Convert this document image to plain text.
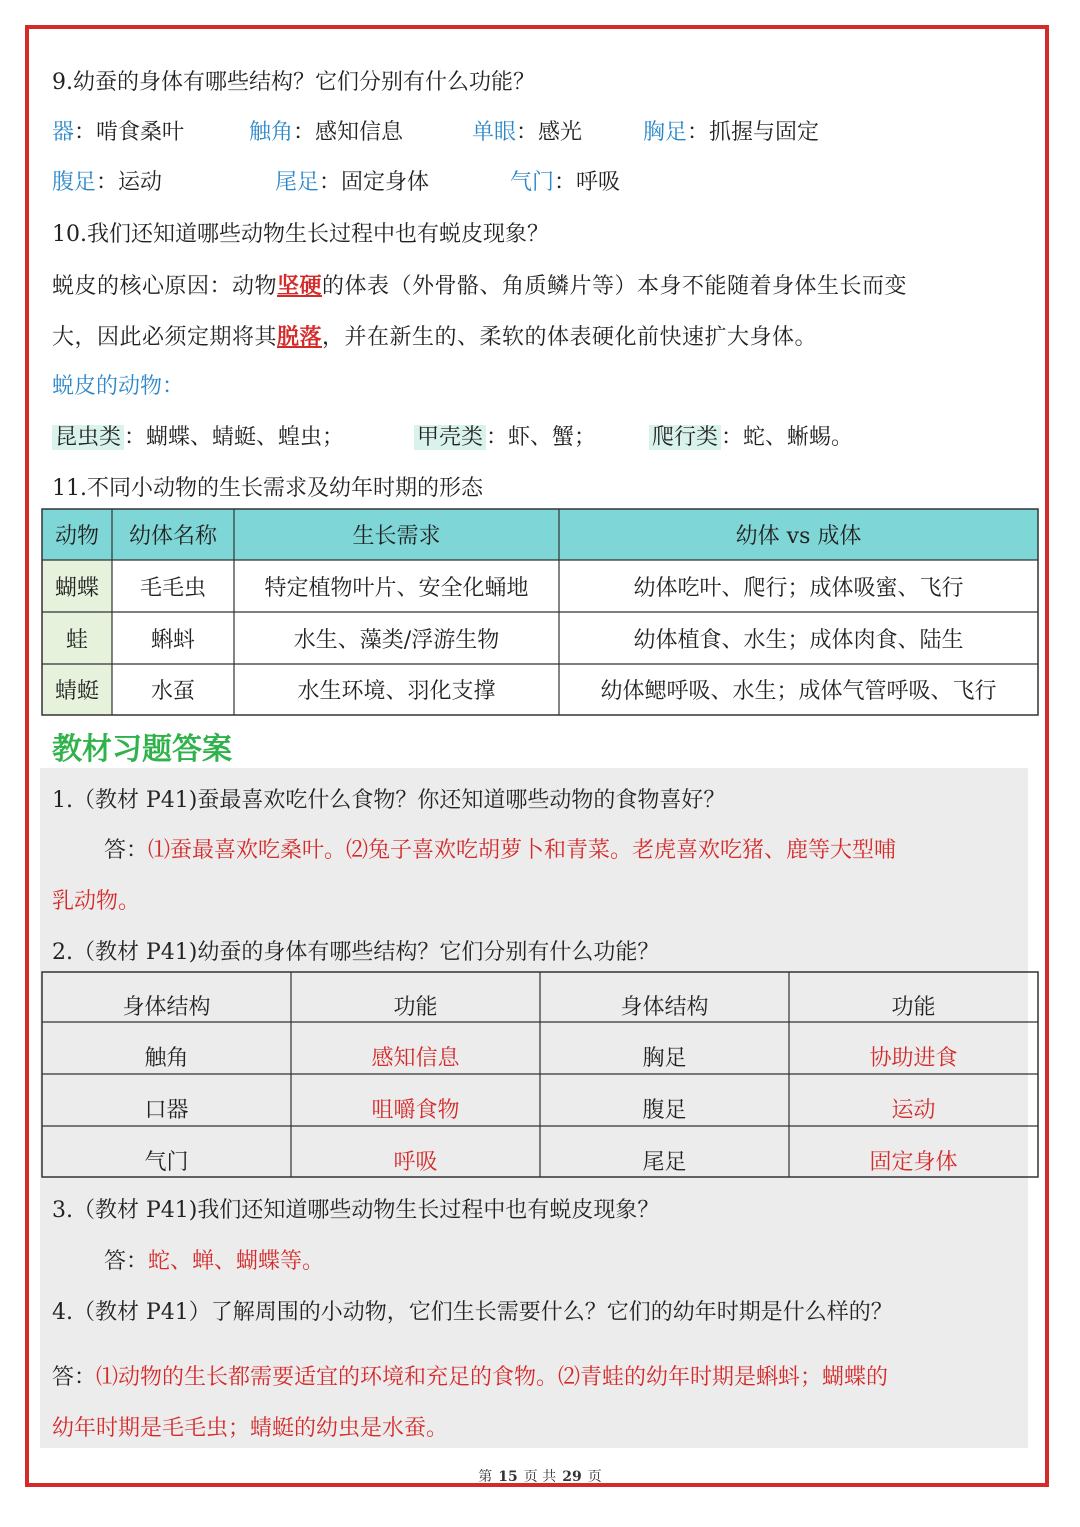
9.幼蚕的身体有哪些结构？它们分别有什么功能？
器：啃食桑叶	触角：感知信息	单眼：感光	胸足：抓握与固定
腹足：运动	尾足：固定身体	气门：呼吸
10.我们还知道哪些动物生长过程中也有蜕皮现象？
蜕皮的核心原因：动物坚硬的体表（外骨骼、角质鳞片等）本身不能随着身体生长而变
大，因此必须定期将其脱落，并在新生的、柔软的体表硬化前快速扩大身体。
蜕皮的动物：
昆虫类 ：蝴蝶、蜻蜓、蝗虫；	甲壳类 ：虾、蟹；	爬行类 ：蛇、蜥蜴。
11.不同小动物的生长需求及幼年时期的形态
动物	幼体名称	生长需求	幼体 vs 成体
蝴蝶	毛毛虫	特定植物叶片、安全化蛹地	幼体吃叶、爬行；成体吸蜜、飞行
蛙	蝌蚪	水生、藻类/浮游生物	幼体植食、水生；成体肉食、陆生
蜻蜓	水虿	水生环境、羽化支撑	幼体鳃呼吸、水生；成体气管呼吸、飞行
教材习题答案
1.（教材 P41)蚕最喜欢吃什么食物？你还知道哪些动物的食物喜好？
答：⑴蚕最喜欢吃桑叶。⑵兔子喜欢吃胡萝卜和青菜。老虎喜欢吃猪、鹿等大型哺
乳动物。
2.（教材 P41)幼蚕的身体有哪些结构？它们分别有什么功能？
身体结构	功能	身体结构	功能
触角	感知信息	胸足	协助进食
口器	咀嚼食物	腹足	运动
气门	呼吸	尾足	固定身体
3.（教材 P41)我们还知道哪些动物生长过程中也有蜕皮现象？
答：蛇、蝉、蝴蝶等。
4.（教材 P41）了解周围的小动物，它们生长需要什么？它们的幼年时期是什么样的？
答：⑴动物的生长都需要适宜的环境和充足的食物。⑵青蛙的幼年时期是蝌蚪；蝴蝶的
幼年时期是毛毛虫；蜻蜓的幼虫是水蚕。
第 15 页 共 29 页
